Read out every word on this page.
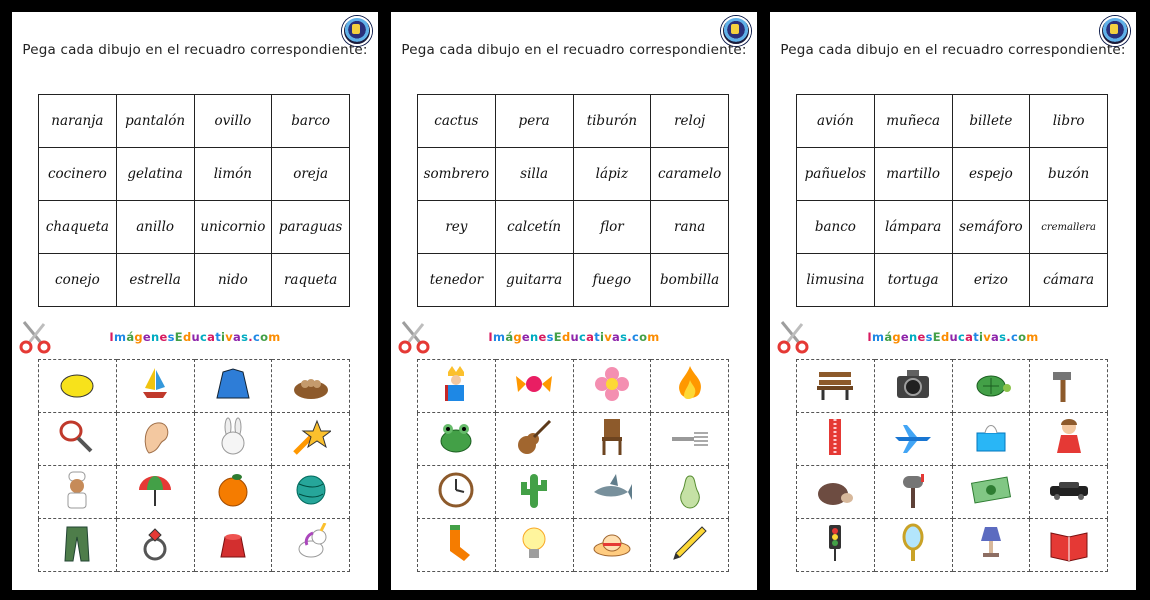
Pega cada dibujo en el recuadro correspondiente:
naranja	pantalón	ovillo	barco
cocinero	gelatina	limón	oreja
chaqueta	anillo	unicornio	paraguas
conejo	estrella	nido	raqueta
ImágenesEducativas.com

Pega cada dibujo en el recuadro correspondiente:
cactus	pera	tiburón	reloj
sombrero	silla	lápiz	caramelo
rey	calcetín	flor	rana
tenedor	guitarra	fuego	bombilla
ImágenesEducativas.com

Pega cada dibujo en el recuadro correspondiente:
avión	muñeca	billete	libro
pañuelos	martillo	espejo	buzón
banco	lámpara	semáforo	cremallera
limusina	tortuga	erizo	cámara
ImágenesEducativas.com
